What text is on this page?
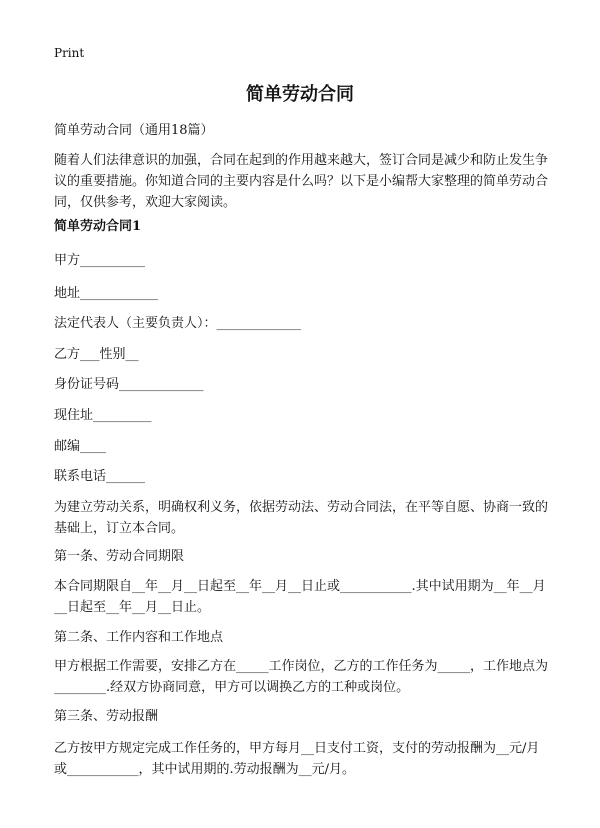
Print
简单劳动合同
简单劳动合同（通用18篇）
随着人们法律意识的加强，合同在起到的作用越来越大，签订合同是减少和防止发生争议的重要措施。你知道合同的主要内容是什么吗？以下是小编帮大家整理的简单劳动合同，仅供参考，欢迎大家阅读。
简单劳动合同1
甲方__________
地址____________
法定代表人（主要负责人）：_____________
乙方___性别__
身份证号码_____________
现住址_________
邮编____
联系电话______
为建立劳动关系，明确权利义务，依据劳动法、劳动合同法，在平等自愿、协商一致的基础上，订立本合同。
第一条、劳动合同期限
本合同期限自__年__月__日起至__年__月__日止或___________.其中试用期为__年__月__日起至__年__月__日止。
第二条、工作内容和工作地点
甲方根据工作需要，安排乙方在_____工作岗位，乙方的工作任务为_____，工作地点为________.经双方协商同意，甲方可以调换乙方的工种或岗位。
第三条、劳动报酬
乙方按甲方规定完成工作任务的，甲方每月__日支付工资，支付的劳动报酬为__元/月或___________，其中试用期的.劳动报酬为__元/月。
